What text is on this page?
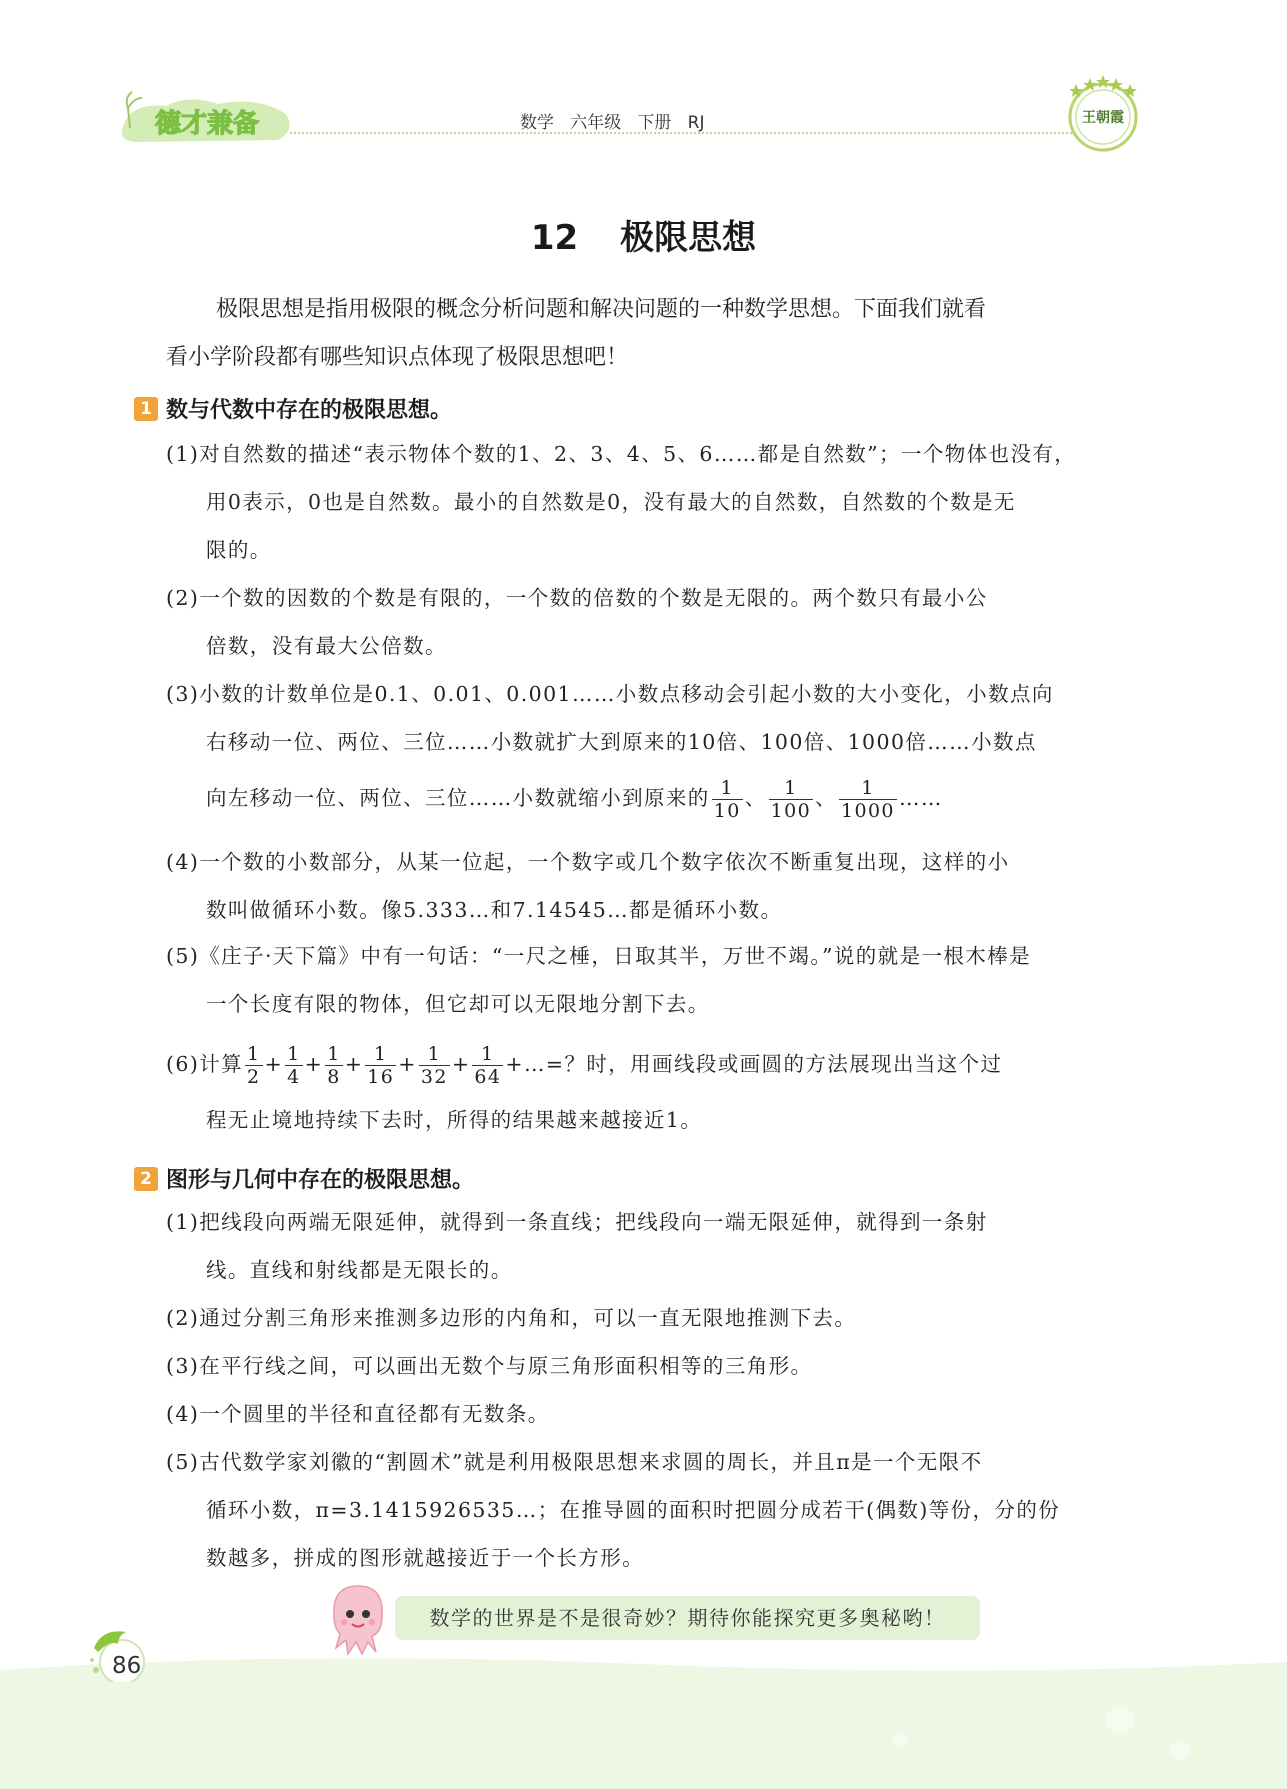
德才兼备	数学   六年级   下册   RJ	王朝霞
12 极限思想
极限思想是指用极限的概念分析问题和解决问题的一种数学思想。下面我们就看
看小学阶段都有哪些知识点体现了极限思想吧！
1 数与代数中存在的极限思想。
(1)对自然数的描述“表示物体个数的1、2、3、4、5、6……都是自然数”；一个物体也没有，
用0表示，0也是自然数。最小的自然数是0，没有最大的自然数，自然数的个数是无
限的。
(2)一个数的因数的个数是有限的，一个数的倍数的个数是无限的。两个数只有最小公
倍数，没有最大公倍数。
(3)小数的计数单位是0.1、0.01、0.001……小数点移动会引起小数的大小变化，小数点向
右移动一位、两位、三位……小数就扩大到原来的10倍、100倍、1000倍……小数点
向左移动一位、两位、三位……小数就缩小到原来的 $\frac{1}{10}$ 、 $\frac{1}{100}$ 、 $\frac{1}{1000}$ ……
(4)一个数的小数部分，从某一位起，一个数字或几个数字依次不断重复出现，这样的小
数叫做循环小数。像5.333…和7.14545…都是循环小数。
(5)《庄子·天下篇》中有一句话：“一尺之棰，日取其半，万世不竭。”说的就是一根木棒是
一个长度有限的物体，但它却可以无限地分割下去。
(6)计算 $\frac{1}{2} + \frac{1}{4} + \frac{1}{8} + \frac{1}{16} + \frac{1}{32} + \frac{1}{64}$ +…=？时，用画线段或画圆的方法展现出当这个过
程无止境地持续下去时，所得的结果越来越接近1。
2 图形与几何中存在的极限思想。
(1)把线段向两端无限延伸，就得到一条直线；把线段向一端无限延伸，就得到一条射
线。直线和射线都是无限长的。
(2)通过分割三角形来推测多边形的内角和，可以一直无限地推测下去。
(3)在平行线之间，可以画出无数个与原三角形面积相等的三角形。
(4)一个圆里的半径和直径都有无数条。
(5)古代数学家刘徽的“割圆术”就是利用极限思想来求圆的周长，并且π是一个无限不
循环小数，π=3.1415926535…；在推导圆的面积时把圆分成若干(偶数)等份，分的份
数越多，拼成的图形就越接近于一个长方形。
数学的世界是不是很奇妙？期待你能探究更多奥秘哟！
86
